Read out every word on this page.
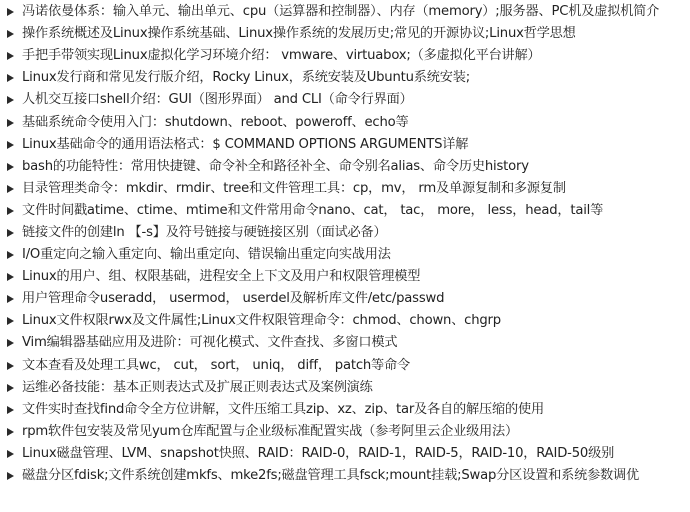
冯诺依曼体系：输入单元、输出单元、cpu（运算器和控制器）、内存（memory）;服务器、PC机及虚拟机简介
操作系统概述及Linux操作系统基础、Linux操作系统的发展历史;常见的开源协议;Linux哲学思想
手把手带领实现Linux虚拟化学习环境介绍： vmware、virtuabox;（多虚拟化平台讲解）
Linux发行商和常见发行版介绍，Rocky Linux，系统安装及Ubuntu系统安装;
人机交互接口shell介绍：GUI（图形界面） and CLI（命令行界面）
基础系统命令使用入门：shutdown、reboot、poweroff、echo等
Linux基础命令的通用语法格式：$ COMMAND OPTIONS ARGUMENTS详解
bash的功能特性：常用快捷键、命令补全和路径补全、命令别名alias、命令历史history
目录管理类命令：mkdir、rmdir、tree和文件管理工具：cp，mv， rm及单源复制和多源复制
文件时间戳atime、ctime、mtime和文件常用命令nano、cat， tac， more， less，head，tail等
链接文件的创建ln 【-s】及符号链接与硬链接区别（面试必备）
I/O重定向之输入重定向、输出重定向、错误输出重定向实战用法
Linux的用户、组、权限基础，进程安全上下文及用户和权限管理模型
用户管理命令useradd， usermod， userdel及解析库文件/etc/passwd
Linux文件权限rwx及文件属性;Linux文件权限管理命令：chmod、chown、chgrp
Vim编辑器基础应用及进阶：可视化模式、文件查找、多窗口模式
文本查看及处理工具wc， cut， sort， uniq， diff， patch等命令
运维必备技能：基本正则表达式及扩展正则表达式及案例演练
文件实时查找find命令全方位讲解，文件压缩工具zip、xz、zip、tar及各自的解压缩的使用
rpm软件包安装及常见yum仓库配置与企业级标准配置实战（参考阿里云企业级用法）
Linux磁盘管理、LVM、snapshot快照、RAID：RAID-0，RAID-1，RAID-5，RAID-10，RAID-50级别
磁盘分区fdisk;文件系统创建mkfs、mke2fs;磁盘管理工具fsck;mount挂载;Swap分区设置和系统参数调优
